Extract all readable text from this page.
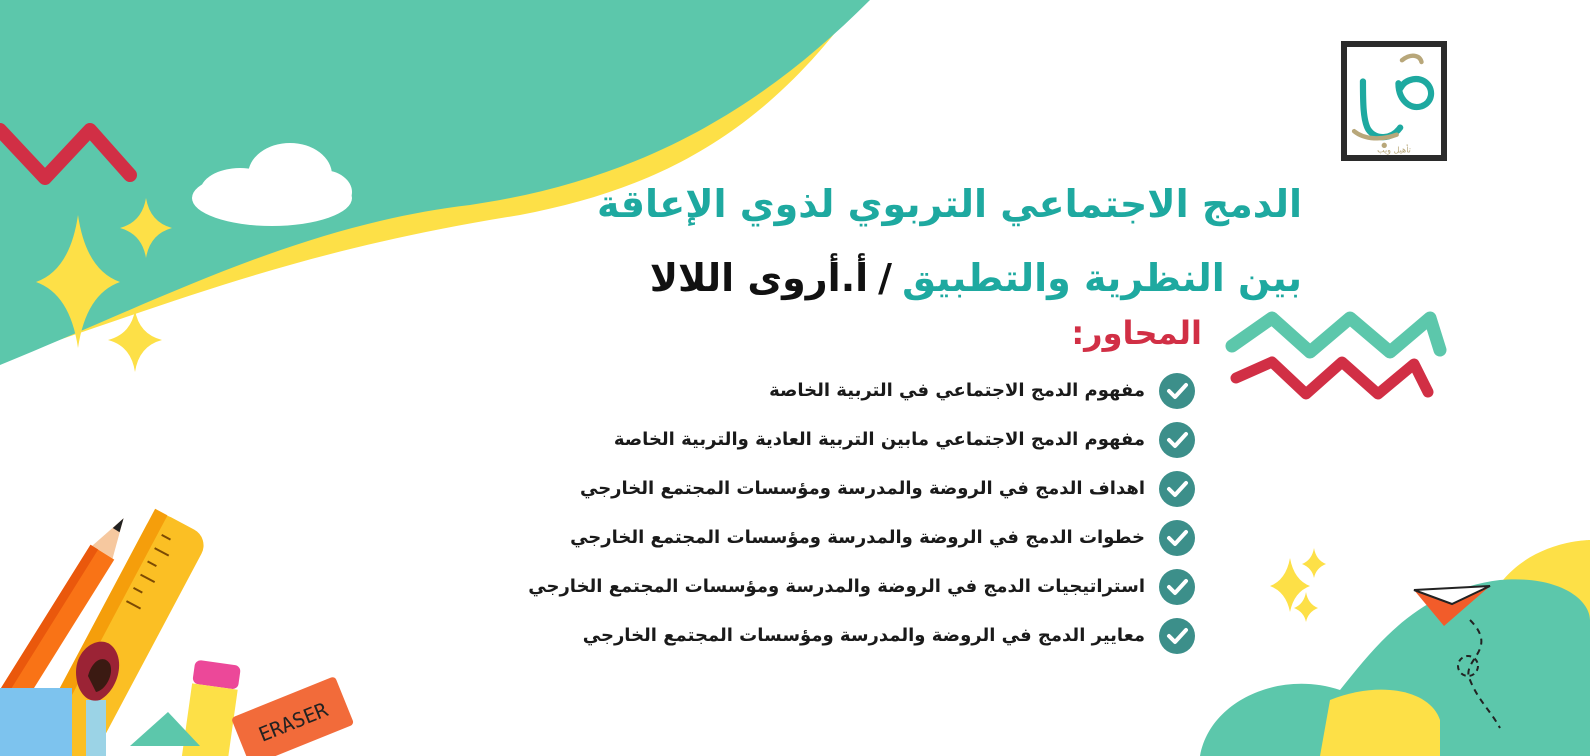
ERASER
تأهيل ويب
الدمج الاجتماعي التربوي لذوي الإعاقة
بين النظرية والتطبيق/أ.أروى اللالا
المحاور:
مفهوم الدمج الاجتماعي في التربية الخاصة
مفهوم الدمج الاجتماعي مابين التربية العادية والتربية الخاصة
اهداف الدمج في الروضة والمدرسة ومؤسسات المجتمع الخارجي
خطوات الدمج في الروضة والمدرسة ومؤسسات المجتمع الخارجي
استراتيجيات الدمج في الروضة والمدرسة ومؤسسات المجتمع الخارجي
معايير الدمج في الروضة والمدرسة ومؤسسات المجتمع الخارجي
